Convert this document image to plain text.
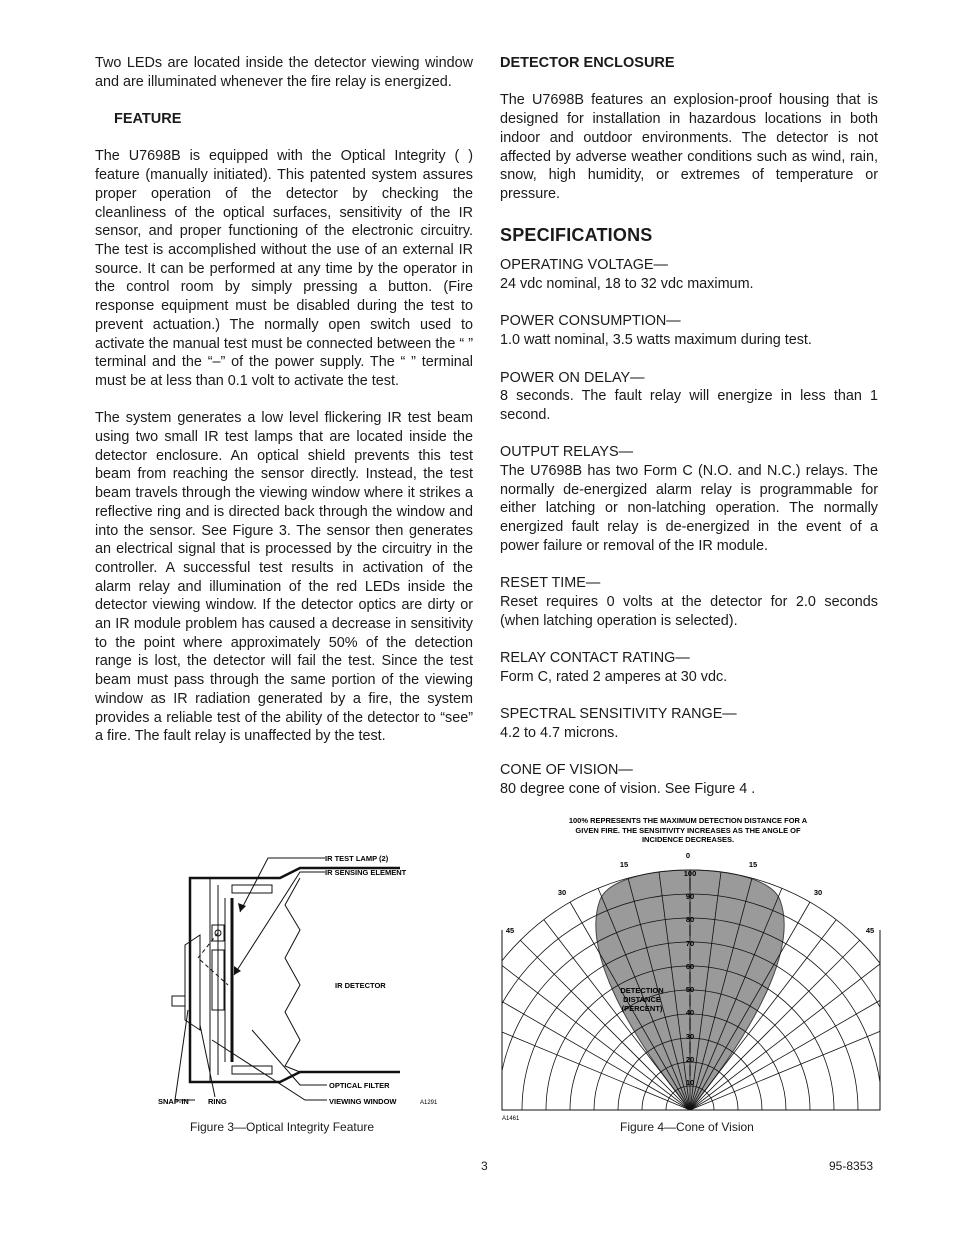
Two LEDs are located inside the detector viewing window and are illuminated whenever the fire relay is energized.

FEATURE

The U7698B is equipped with the Optical Integrity ( ) feature (manually initiated). This patented system assures proper operation of the detector by checking the cleanliness of the optical surfaces, sensitivity of the IR sensor, and proper functioning of the electronic circuitry. The test is accomplished without the use of an external IR source. It can be performed at any time by the operator in the control room by simply pressing a button. (Fire response equipment must be disabled during the test to prevent actuation.) The normally open switch used to activate the manual test must be connected between the “ ” terminal and the “–” of the power supply. The “ ” terminal must be at less than 0.1 volt to activate the test.

The system generates a low level flickering IR test beam using two small IR test lamps that are located inside the detector enclosure. An optical shield prevents this test beam from reaching the sensor directly. Instead, the test beam travels through the viewing window where it strikes a reflective ring and is directed back through the window and into the sensor. See Figure 3. The sensor then generates an electrical signal that is processed by the circuitry in the controller. A successful test results in activation of the alarm relay and illumination of the red LEDs inside the detector viewing window. If the detector optics are dirty or an IR module problem has caused a decrease in sensitivity to the point where approximately 50% of the detection range is lost, the detector will fail the test. Since the test beam must pass through the same portion of the viewing window as IR radiation generated by a fire, the system provides a reliable test of the ability of the detector to “see” a fire. The fault relay is unaffected by the test.

DETECTOR ENCLOSURE

The U7698B features an explosion-proof housing that is designed for installation in hazardous locations in both indoor and outdoor environments. The detector is not affected by adverse weather conditions such as wind, rain, snow, high humidity, or extremes of temperature or pressure.

SPECIFICATIONS
OPERATING VOLTAGE—
24 vdc nominal, 18 to 32 vdc maximum.
POWER CONSUMPTION—
1.0 watt nominal, 3.5 watts maximum during test.
POWER ON DELAY—
8 seconds. The fault relay will energize in less than 1 second.
OUTPUT RELAYS—
The U7698B has two Form C (N.O. and N.C.) relays. The normally de-energized alarm relay is programmable for either latching or non-latching operation. The normally energized fault relay is de-energized in the event of a power failure or removal of the IR module.
RESET TIME—
Reset requires 0 volts at the detector for 2.0 seconds (when latching operation is selected).
RELAY CONTACT RATING—
Form C, rated 2 amperes at 30 vdc.
SPECTRAL SENSITIVITY RANGE—
4.2 to 4.7 microns.
CONE OF VISION—
80 degree cone of vision. See Figure 4 .
IR TEST LAMP (2)
IR SENSING ELEMENT
IR DETECTOR
OPTICAL FILTER
VIEWING WINDOW
SNAP-IN	RING	A1291
Figure 3—Optical Integrity Feature
100% REPRESENTS THE MAXIMUM DETECTION DISTANCE FOR A
GIVEN FIRE. THE SENSITIVITY INCREASES AS THE ANGLE OF
INCIDENCE DECREASES.
0
15	15
30	30
45	45
100
90
80
70
60
50
40
30
20
10
DETECTION
DISTANCE
(PERCENT)
A1461
Figure 4—Cone of Vision
3	95-8353
